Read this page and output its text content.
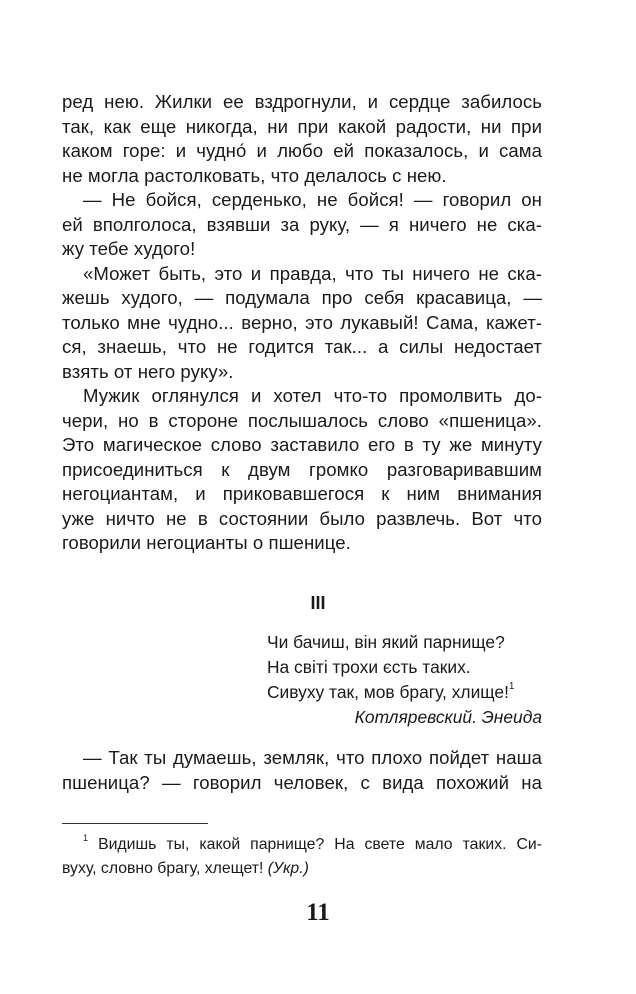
ред нею. Жилки ее вздрогнули, и сердце забилось
так, как еще никогда, ни при какой радости, ни при
каком горе: и чудно́ и любо ей показалось, и сама
не могла растолковать, что делалось с нею.
— Не бойся, серденько, не бойся! — говорил он
ей вполголоса, взявши за руку, — я ничего не ска-
жу тебе худого!
«Может быть, это и правда, что ты ничего не ска-
жешь худого, — подумала про себя красавица, —
только мне чудно... верно, это лукавый! Сама, кажет-
ся, знаешь, что не годится так... а силы недостает
взять от него руку».
Мужик оглянулся и хотел что-то промолвить до-
чери, но в стороне послышалось слово «пшеница».
Это магическое слово заставило его в ту же минуту
присоединиться к двум громко разговаривавшим
негоциантам, и приковавшегося к ним внимания
уже ничто не в состоянии было развлечь. Вот что
говорили негоцианты о пшенице.
III
Чи бачиш, він який парнище?
На світі трохи єсть таких.
Сивуху так, мов брагу, хлище!$^1$
Котляревский. Энеида
— Так ты думаешь, земляк, что плохо пойдет наша
пшеница? — говорил человек, с вида похожий на
$^1$ Видишь ты, какой парнище? На свете мало таких. Си-
вуху, словно брагу, хлещет! (Укр.)
11
